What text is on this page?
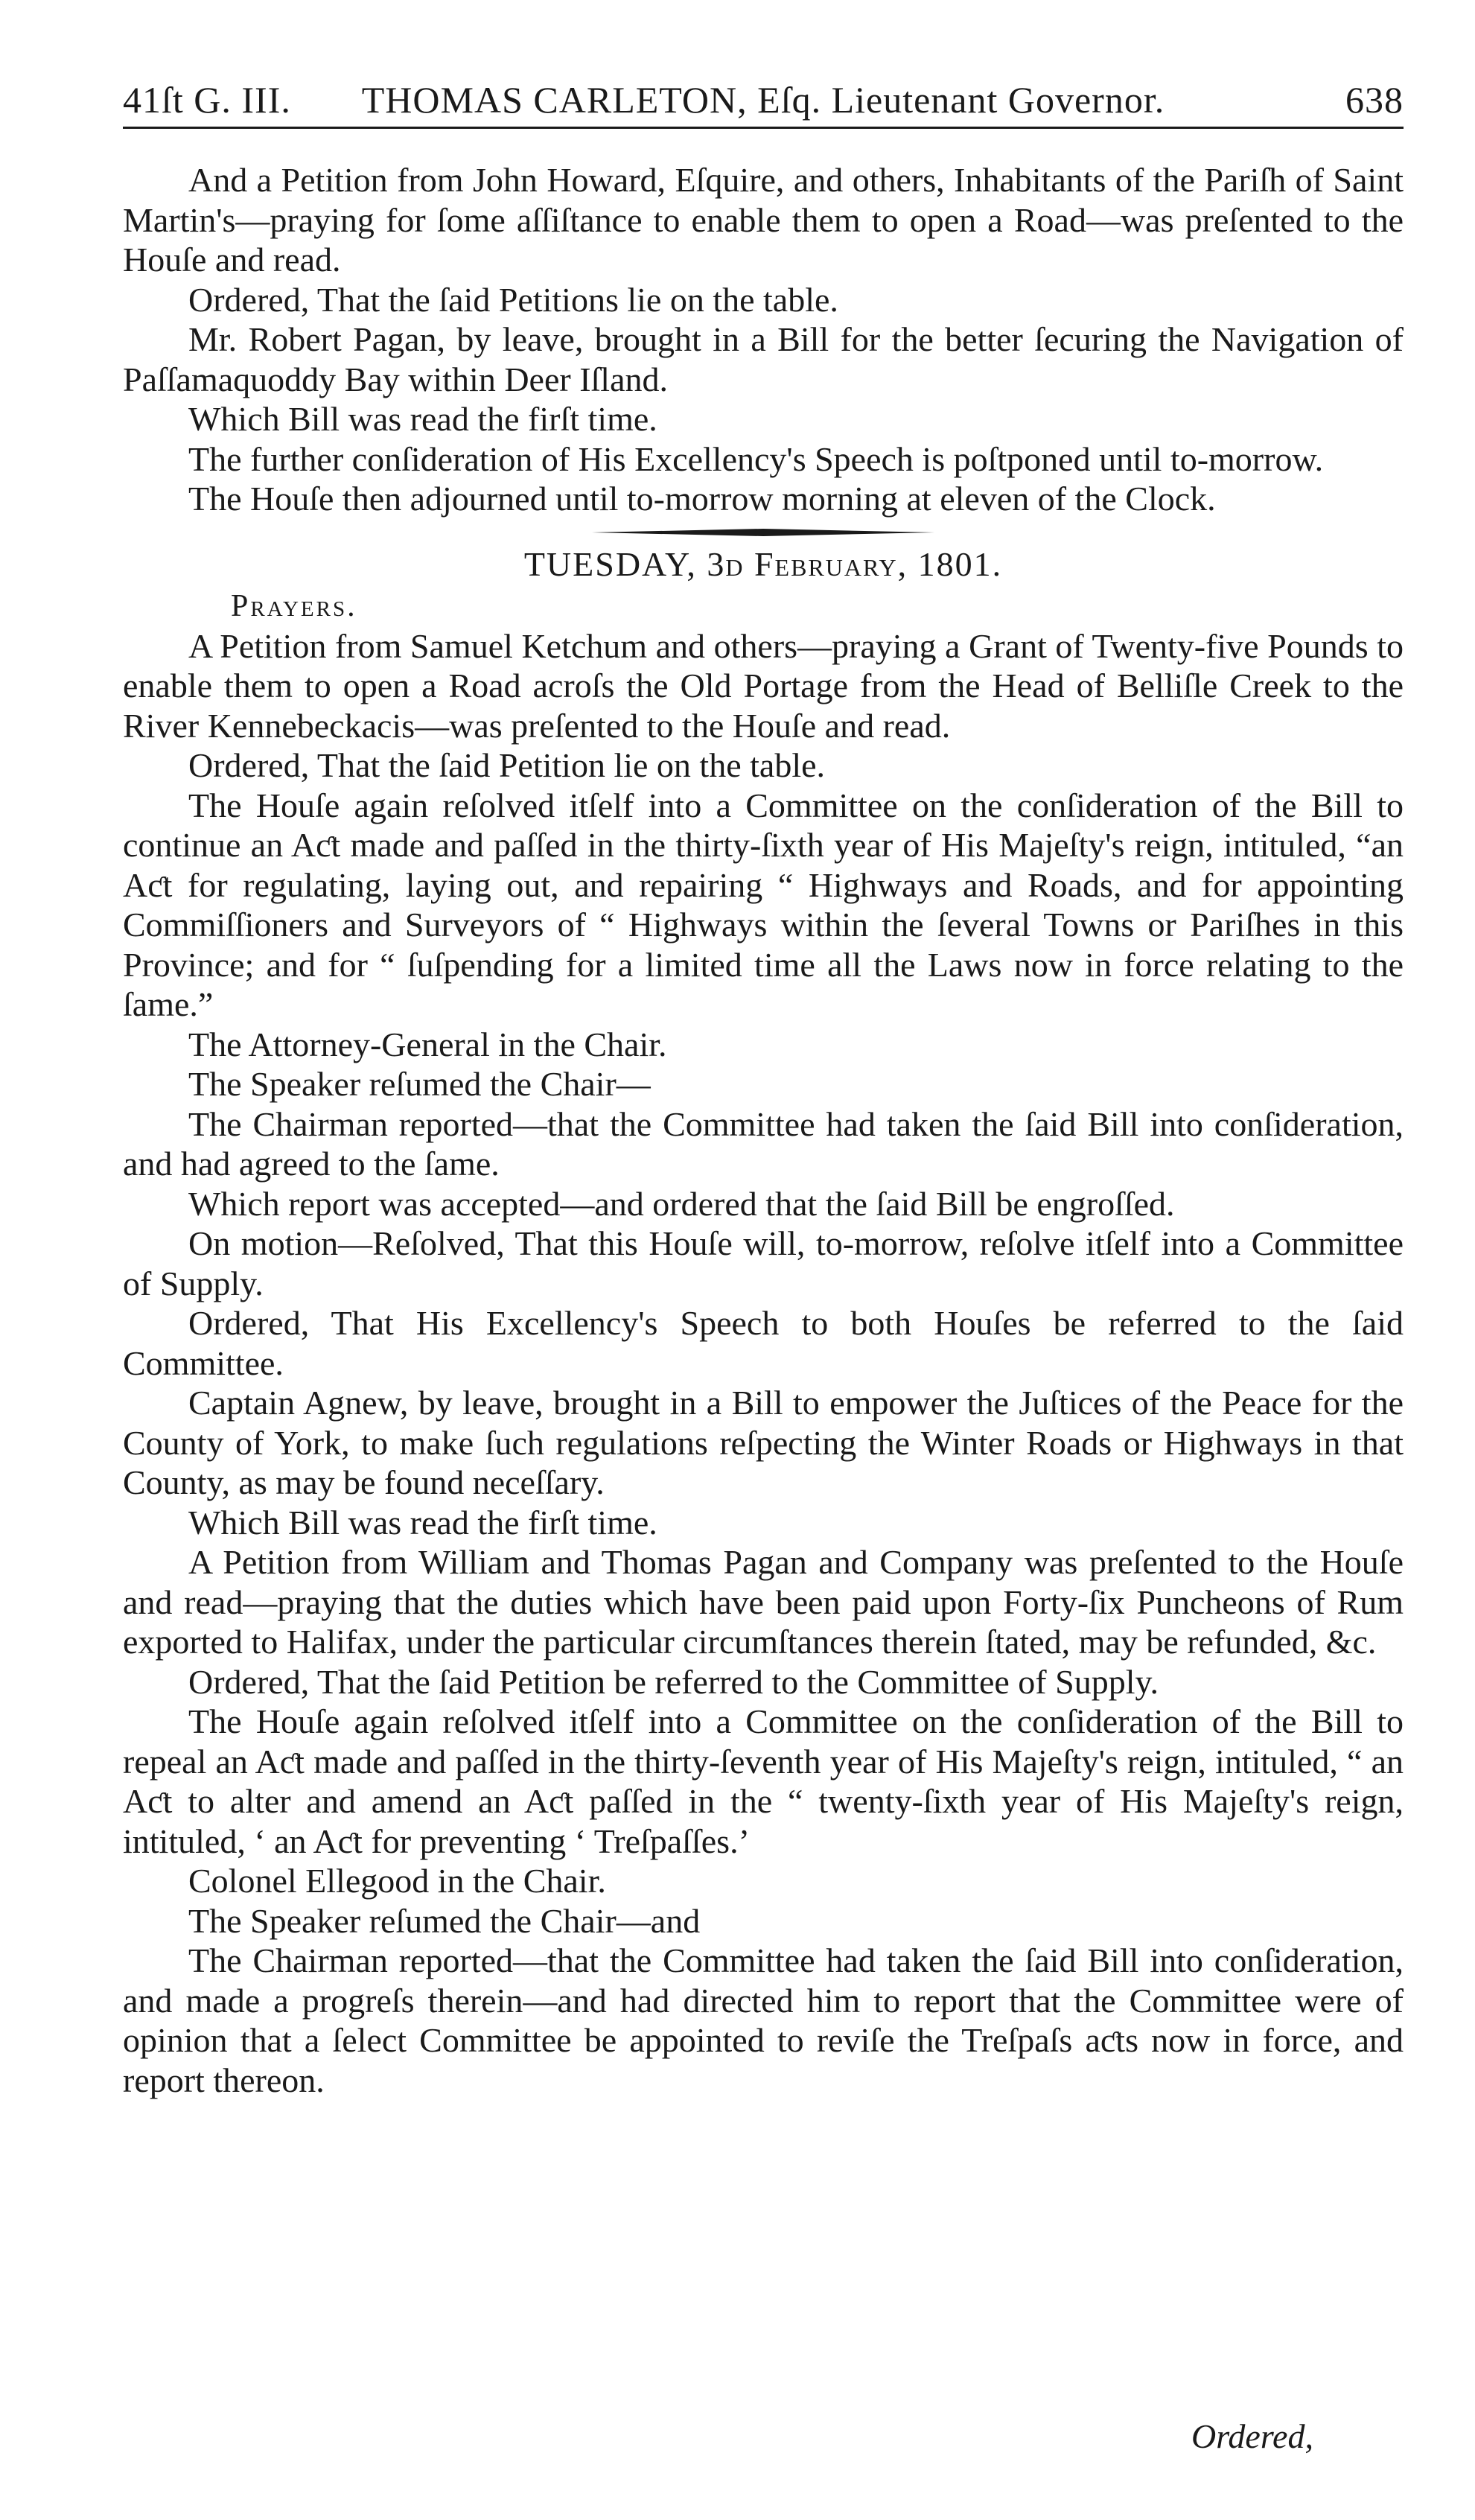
41ſt G. III.	THOMAS CARLETON, Eſq. Lieutenant Governor.	638

And a Petition from John Howard, Eſquire, and others, Inhabitants of the Pariſh of Saint Martin's—praying for ſome aſſiſtance to enable them to open a Road—was preſented to the Houſe and read.

Ordered, That the ſaid Petitions lie on the table.

Mr. Robert Pagan, by leave, brought in a Bill for the better ſecuring the Navigation of Paſſamaquoddy Bay within Deer Iſland.

Which Bill was read the firſt time.

The further conſideration of His Excellency's Speech is poſtponed until to-morrow.

The Houſe then adjourned until to-morrow morning at eleven of the Clock.

TUESDAY, 3d February, 1801.
Prayers.

A Petition from Samuel Ketchum and others—praying a Grant of Twenty-five Pounds to enable them to open a Road acroſs the Old Portage from the Head of Belliſle Creek to the River Kennebeckacis—was preſented to the Houſe and read.

Ordered, That the ſaid Petition lie on the table.

The Houſe again reſolved itſelf into a Committee on the conſideration of the Bill to continue an Aƈt made and paſſed in the thirty-ſixth year of His Majeſty's reign, intituled, “an Aƈt for regulating, laying out, and repairing “ Highways and Roads, and for appointing Commiſſioners and Surveyors of “ Highways within the ſeveral Towns or Pariſhes in this Province; and for “ ſuſpending for a limited time all the Laws now in force relating to the ſame.”

The Attorney-General in the Chair.

The Speaker reſumed the Chair—

The Chairman reported—that the Committee had taken the ſaid Bill into conſideration, and had agreed to the ſame.

Which report was accepted—and ordered that the ſaid Bill be engroſſed.

On motion—Reſolved, That this Houſe will, to-morrow, reſolve itſelf into a Committee of Supply.

Ordered, That His Excellency's Speech to both Houſes be referred to the ſaid Committee.

Captain Agnew, by leave, brought in a Bill to empower the Juſtices of the Peace for the County of York, to make ſuch regulations reſpecting the Winter Roads or Highways in that County, as may be found neceſſary.

Which Bill was read the firſt time.

A Petition from William and Thomas Pagan and Company was preſented to the Houſe and read—praying that the duties which have been paid upon Forty-ſix Puncheons of Rum exported to Halifax, under the particular circumſtances therein ſtated, may be refunded, &c.

Ordered, That the ſaid Petition be referred to the Committee of Supply.

The Houſe again reſolved itſelf into a Committee on the conſideration of the Bill to repeal an Aƈt made and paſſed in the thirty-ſeventh year of His Majeſty's reign, intituled, “ an Aƈt to alter and amend an Aƈt paſſed in the “ twenty-ſixth year of His Majeſty's reign, intituled, ‘ an Aƈt for preventing ‘ Treſpaſſes.’

Colonel Ellegood in the Chair.

The Speaker reſumed the Chair—and

The Chairman reported—that the Committee had taken the ſaid Bill into conſideration, and made a progreſs therein—and had directed him to report that the Committee were of opinion that a ſelect Committee be appointed to reviſe the Treſpaſs aƈts now in force, and report thereon.

Ordered,
